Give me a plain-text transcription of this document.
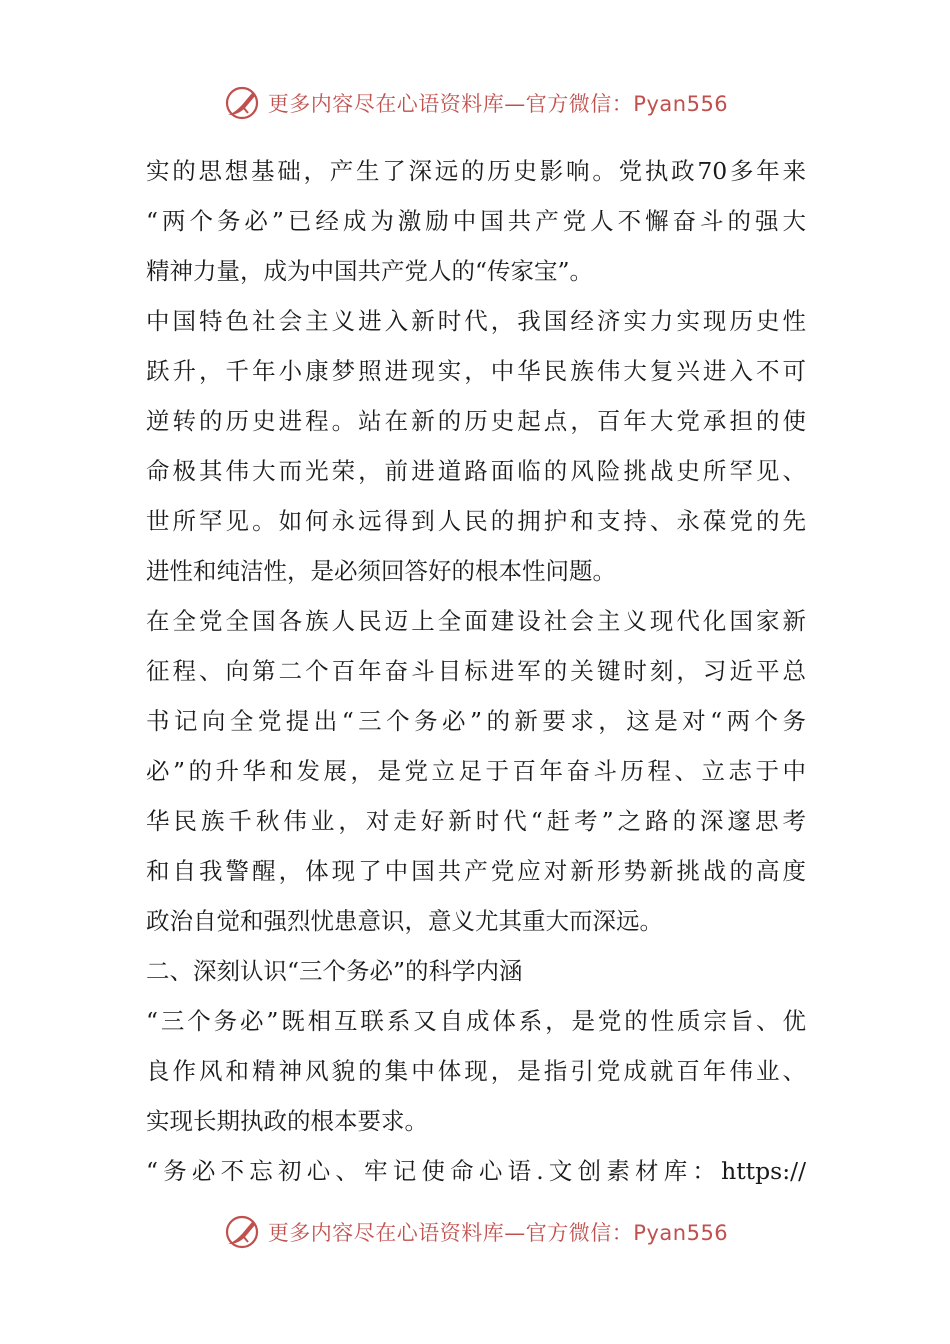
更多内容尽在心语资料库—官方微信：Pyan556
实的思想基础，产生了深远的历史影响。党执政70多年来
“两个务必”已经成为激励中国共产党人不懈奋斗的强大
精神力量，成为中国共产党人的“传家宝”。
中国特色社会主义进入新时代，我国经济实力实现历史性
跃升，千年小康梦照进现实，中华民族伟大复兴进入不可
逆转的历史进程。站在新的历史起点，百年大党承担的使
命极其伟大而光荣，前进道路面临的风险挑战史所罕见、
世所罕见。如何永远得到人民的拥护和支持、永葆党的先
进性和纯洁性，是必须回答好的根本性问题。
在全党全国各族人民迈上全面建设社会主义现代化国家新
征程、向第二个百年奋斗目标进军的关键时刻，习近平总
书记向全党提出“三个务必”的新要求，这是对“两个务
必”的升华和发展，是党立足于百年奋斗历程、立志于中
华民族千秋伟业，对走好新时代“赶考”之路的深邃思考
和自我警醒，体现了中国共产党应对新形势新挑战的高度
政治自觉和强烈忧患意识，意义尤其重大而深远。
二、深刻认识“三个务必”的科学内涵
“三个务必”既相互联系又自成体系，是党的性质宗旨、优
良作风和精神风貌的集中体现，是指引党成就百年伟业、
实现长期执政的根本要求。
“务必不忘初心、牢记使命心语.文创素材库：https://
更多内容尽在心语资料库—官方微信：Pyan556
